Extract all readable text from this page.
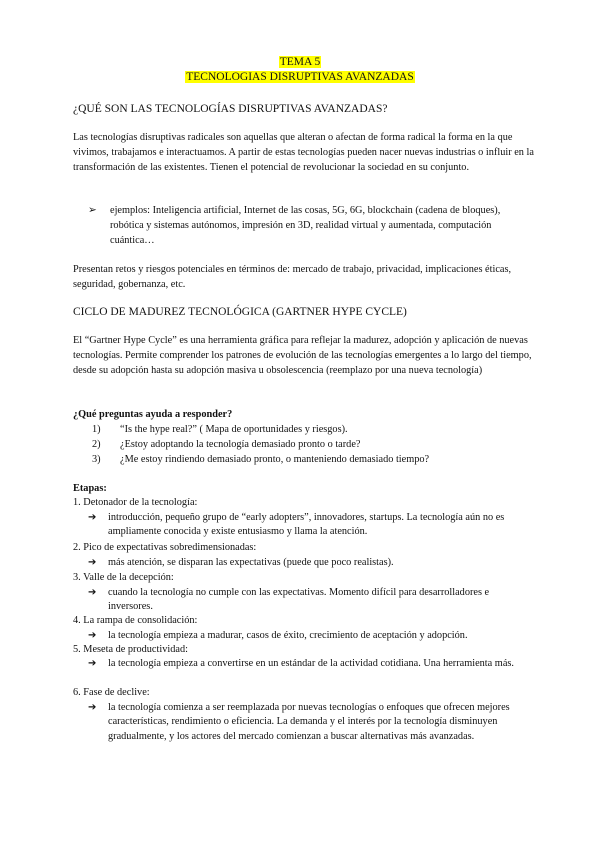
TEMA 5
TECNOLOGIAS DISRUPTIVAS AVANZADAS
¿QUÉ SON LAS TECNOLOGÍAS DISRUPTIVAS AVANZADAS?
Las tecnologías disruptivas radicales son aquellas que alteran o afectan de forma radical la forma en la que vivimos, trabajamos e interactuamos. A partir de estas tecnologías pueden nacer nuevas industrias o influir en la transformación de las existentes. Tienen el potencial de revolucionar la sociedad en su conjunto.
➢	ejemplos: Inteligencia artificial, Internet de las cosas, 5G, 6G, blockchain (cadena de bloques), robótica y sistemas autónomos, impresión en 3D, realidad virtual y aumentada, computación cuántica…
Presentan retos y riesgos potenciales en términos de: mercado de trabajo, privacidad, implicaciones éticas, seguridad, gobernanza, etc.
CICLO DE MADUREZ TECNOLÓGICA (GARTNER HYPE CYCLE)
El “Gartner Hype Cycle” es una herramienta gráfica para reflejar la madurez, adopción y aplicación de nuevas tecnologías. Permite comprender los patrones de evolución de las tecnologías emergentes a lo largo del tiempo, desde su adopción hasta su adopción masiva u obsolescencia (reemplazo por una nueva tecnología)
¿Qué preguntas ayuda a responder?
1)	“Is the hype real?” ( Mapa de oportunidades y riesgos).
2)	¿Estoy adoptando la tecnología demasiado pronto o tarde?
3)	¿Me estoy rindiendo demasiado pronto, o manteniendo demasiado tiempo?
Etapas:
1. Detonador de la tecnología:
➔	introducción, pequeño grupo de “early adopters”, innovadores, startups. La tecnología aún no es ampliamente conocida y existe entusiasmo y llama la atención.
2. Pico de expectativas sobredimensionadas:
➔	más atención, se disparan las expectativas (puede que poco realistas).
3. Valle de la decepción:
➔	cuando la tecnología no cumple con las expectativas. Momento difícil para desarrolladores e inversores.
4. La rampa de consolidación:
➔	la tecnología empieza a madurar, casos de éxito, crecimiento de aceptación y adopción.
5. Meseta de productividad:
➔	la tecnología empieza a convertirse en un estándar de la actividad cotidiana. Una herramienta más.
6. Fase de declive:
➔	la tecnología comienza a ser reemplazada por nuevas tecnologías o enfoques que ofrecen mejores características, rendimiento o eficiencia. La demanda y el interés por la tecnología disminuyen gradualmente, y los actores del mercado comienzan a buscar alternativas más avanzadas.
